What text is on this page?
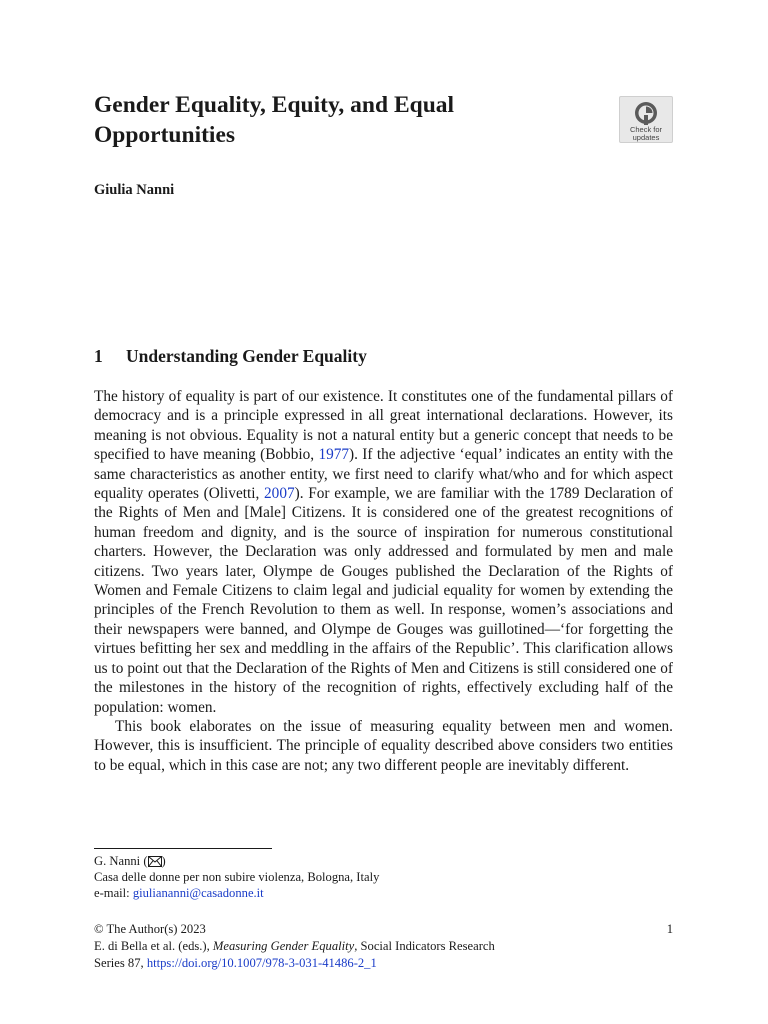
Gender Equality, Equity, and Equal Opportunities	Check for
updates

Giulia Nanni

1 Understanding Gender Equality

The history of equality is part of our existence. It constitutes one of the fundamental pillars of democracy and is a principle expressed in all great international declarations. However, its meaning is not obvious. Equality is not a natural entity but a generic concept that needs to be specified to have meaning (Bobbio, 1977). If the adjective ‘equal’ indicates an entity with the same characteristics as another entity, we first need to clarify what/who and for which aspect equality operates (Olivetti, 2007). For example, we are familiar with the 1789 Declaration of the Rights of Men and [Male] Citizens. It is considered one of the greatest recognitions of human freedom and dignity, and is the source of inspiration for numerous constitutional charters. However, the Declaration was only addressed and formulated by men and male citizens. Two years later, Olympe de Gouges published the Declaration of the Rights of Women and Female Citizens to claim legal and judicial equality for women by extending the principles of the French Revolution to them as well. In response, women’s associations and their newspapers were banned, and Olympe de Gouges was guillotined—‘for forgetting the virtues befitting her sex and meddling in the affairs of the Republic’. This clarification allows us to point out that the Declaration of the Rights of Men and Citizens is still considered one of the milestones in the history of the recognition of rights, effectively excluding half of the population: women.

This book elaborates on the issue of measuring equality between men and women. However, this is insufficient. The principle of equality described above considers two entities to be equal, which in this case are not; any two different people are inevitably different.

G. Nanni ( )
Casa delle donne per non subire violenza, Bologna, Italy
e-mail: giuliananni@casadonne.it
© The Author(s) 2023
E. di Bella et al. (eds.), Measuring Gender Equality, Social Indicators Research
Series 87, https://doi.org/10.1007/978-3-031-41486-2_1
1
